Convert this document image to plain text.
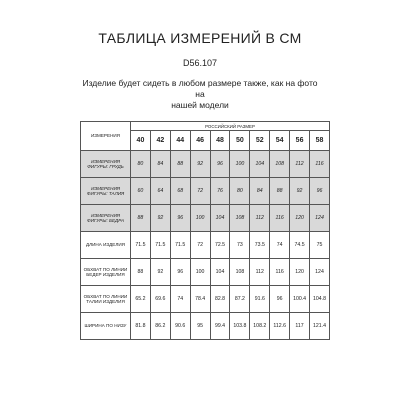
ТАБЛИЦА ИЗМЕРЕНИЙ В СМ
D56.107
Изделие будет сидеть в любом размере также, как на фото на
нашей модели
ИЗМЕРЕНИЯ	РОССИЙСКИЙ РАЗМЕР									
	40	42	44	46	48	50	52	54	56	58
ИЗМЕРЕНИЯ ФИГУРЫ: ГРУДЬ	80	84	88	92	96	100	104	108	112	116
ИЗМЕРЕНИЯ ФИГУРЫ: ТАЛИЯ	60	64	68	72	76	80	84	88	92	96
ИЗМЕРЕНИЯ ФИГУРЫ: БЕДРА	88	92	96	100	104	108	112	116	120	124
ДЛИНА ИЗДЕЛИЯ	71.5	71.5	71.5	72	72.5	73	73.5	74	74.5	75
ОБХВАТ ПО ЛИНИИ БЕДЕР ИЗДЕЛИЯ	88	92	96	100	104	108	112	116	120	124
ОБХВАТ ПО ЛИНИИ ТАЛИИ ИЗДЕЛИЯ	65.2	69.6	74	78.4	82.8	87.2	91.6	96	100.4	104.8
ШИРИНА ПО НИЗУ	81.8	86.2	90.6	95	99.4	103.8	108.2	112.6	117	121.4
